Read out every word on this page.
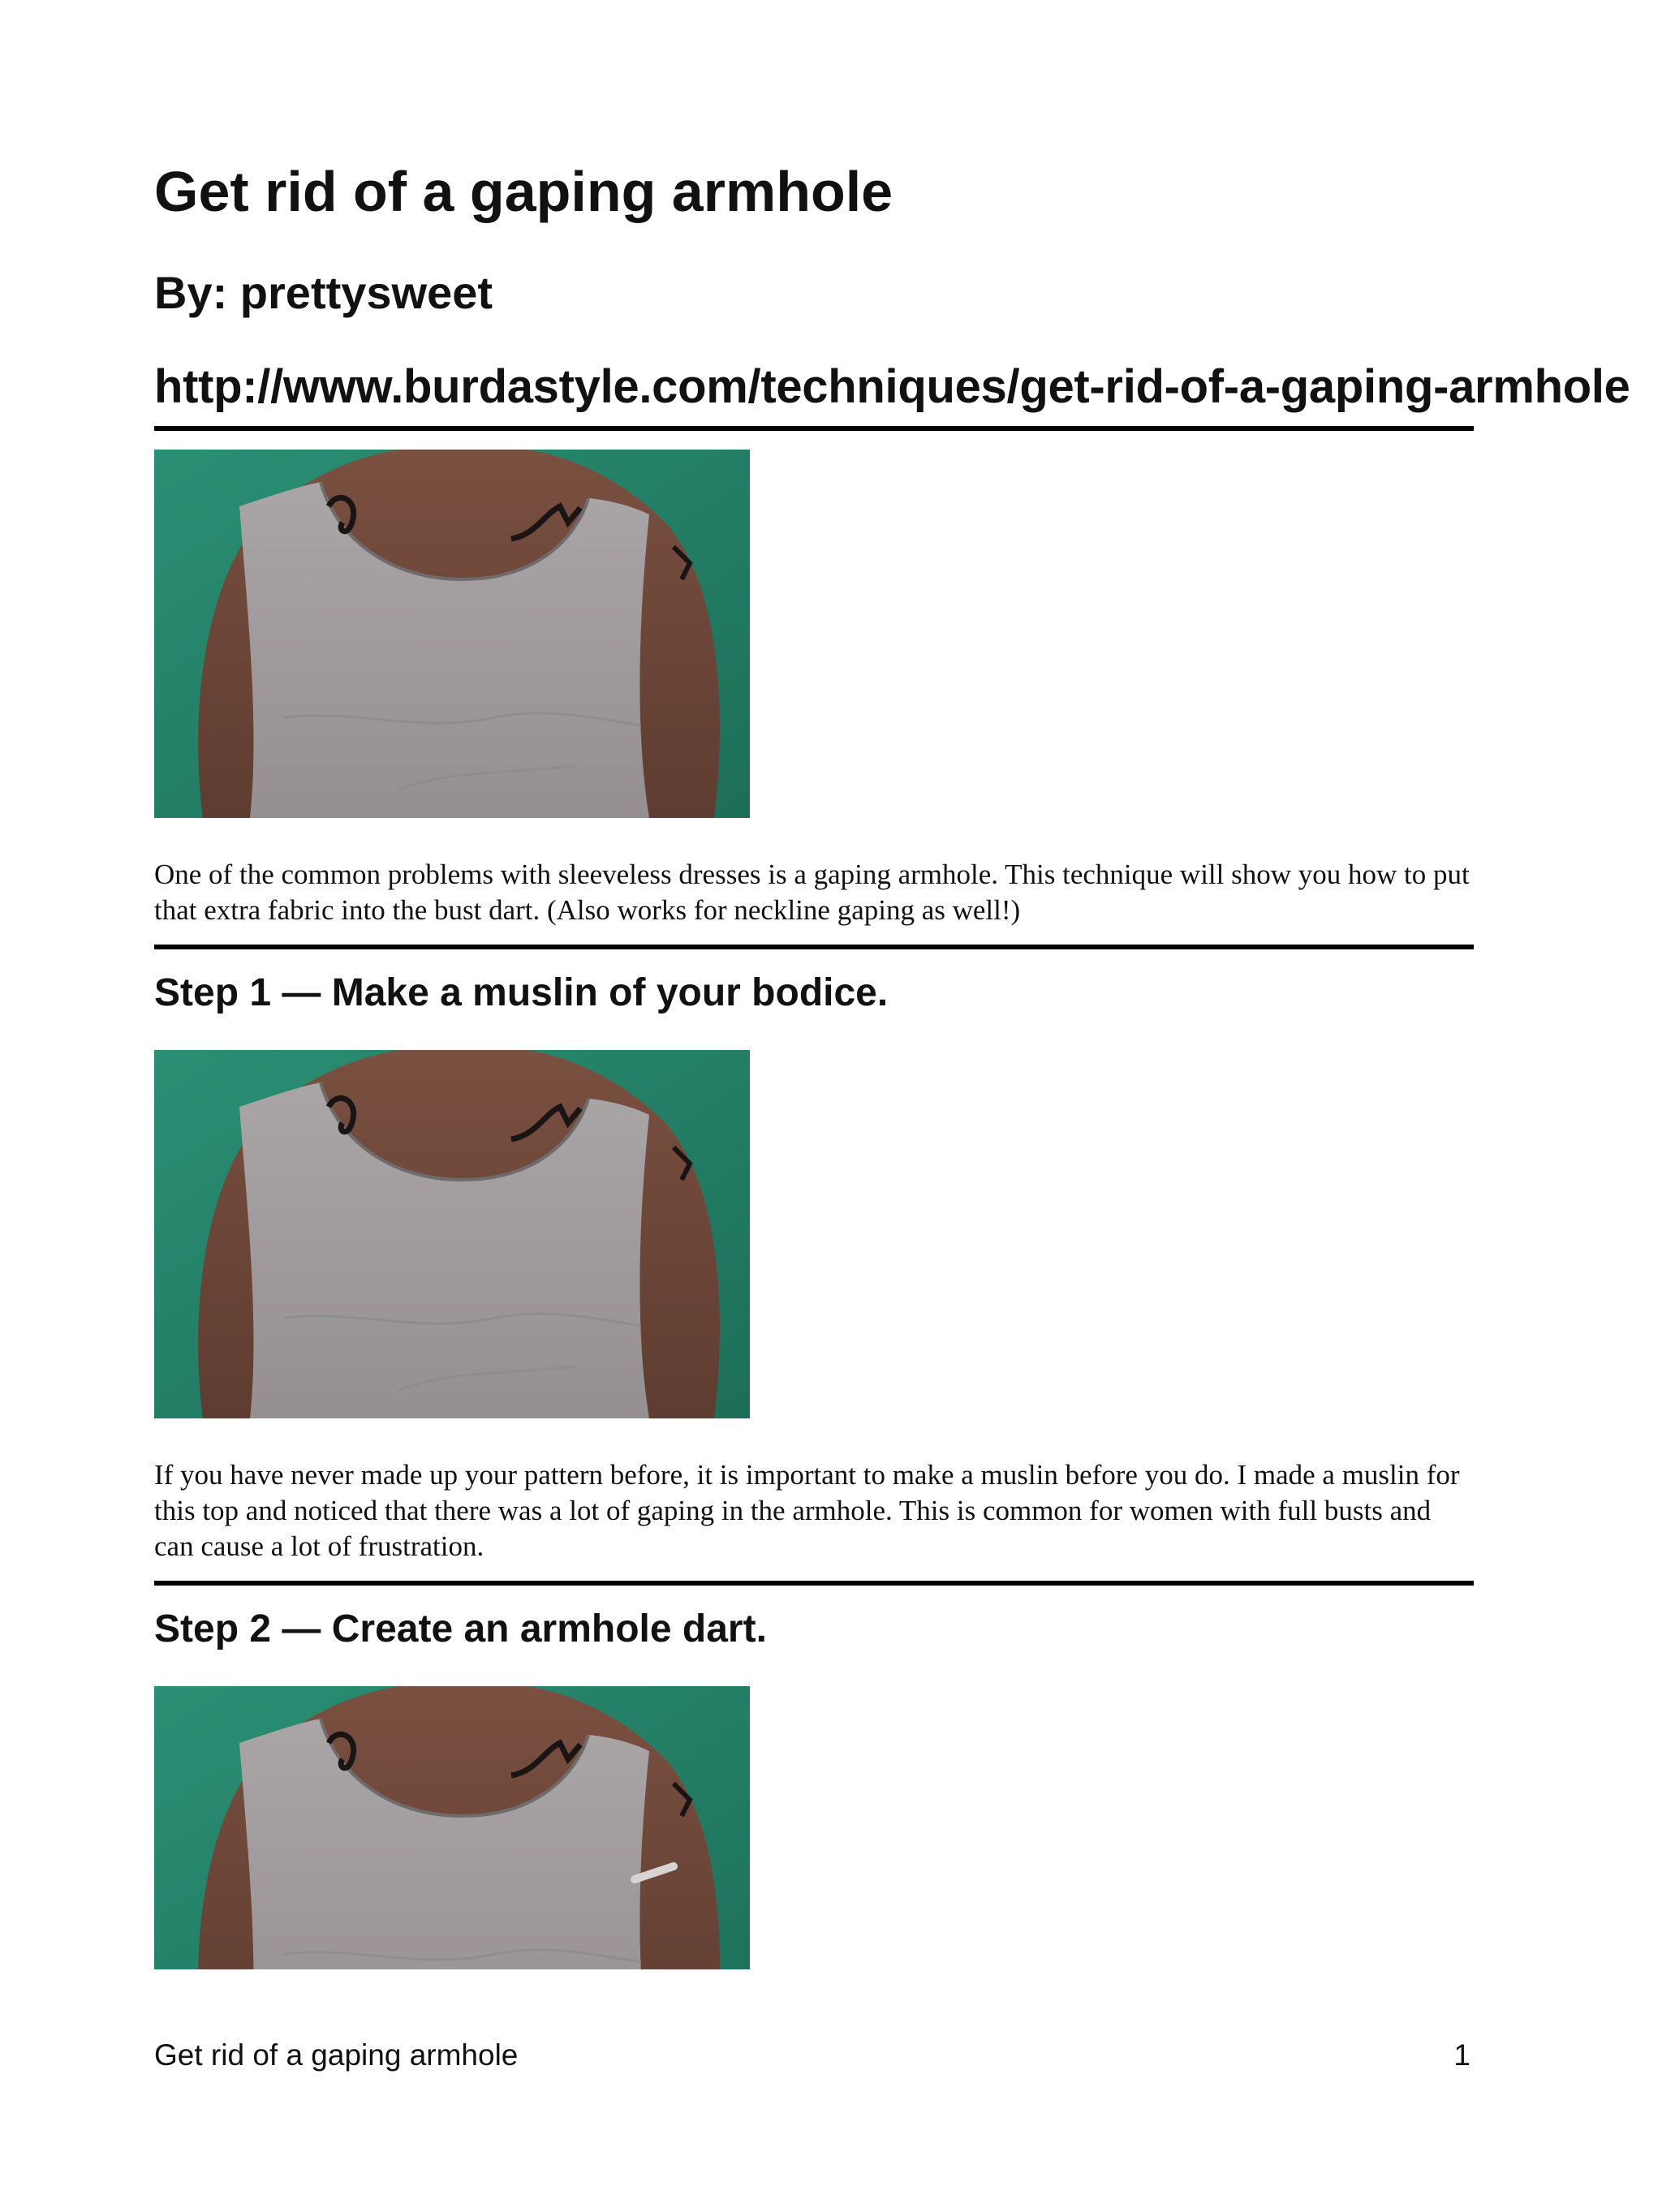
Get rid of a gaping armhole
By: prettysweet
http://www.burdastyle.com/techniques/get-rid-of-a-gaping-armhole

One of the common problems with sleeveless dresses is a gaping armhole. This technique will show you how to put that extra fabric into the bust dart. (Also works for neckline gaping as well!)

Step 1 — Make a muslin of your bodice.

If you have never made up your pattern before, it is important to make a muslin before you do. I made a muslin for this top and noticed that there was a lot of gaping in the armhole. This is common for women with full busts and can cause a lot of frustration.

Step 2 — Create an armhole dart.
Get rid of a gaping armhole	1
